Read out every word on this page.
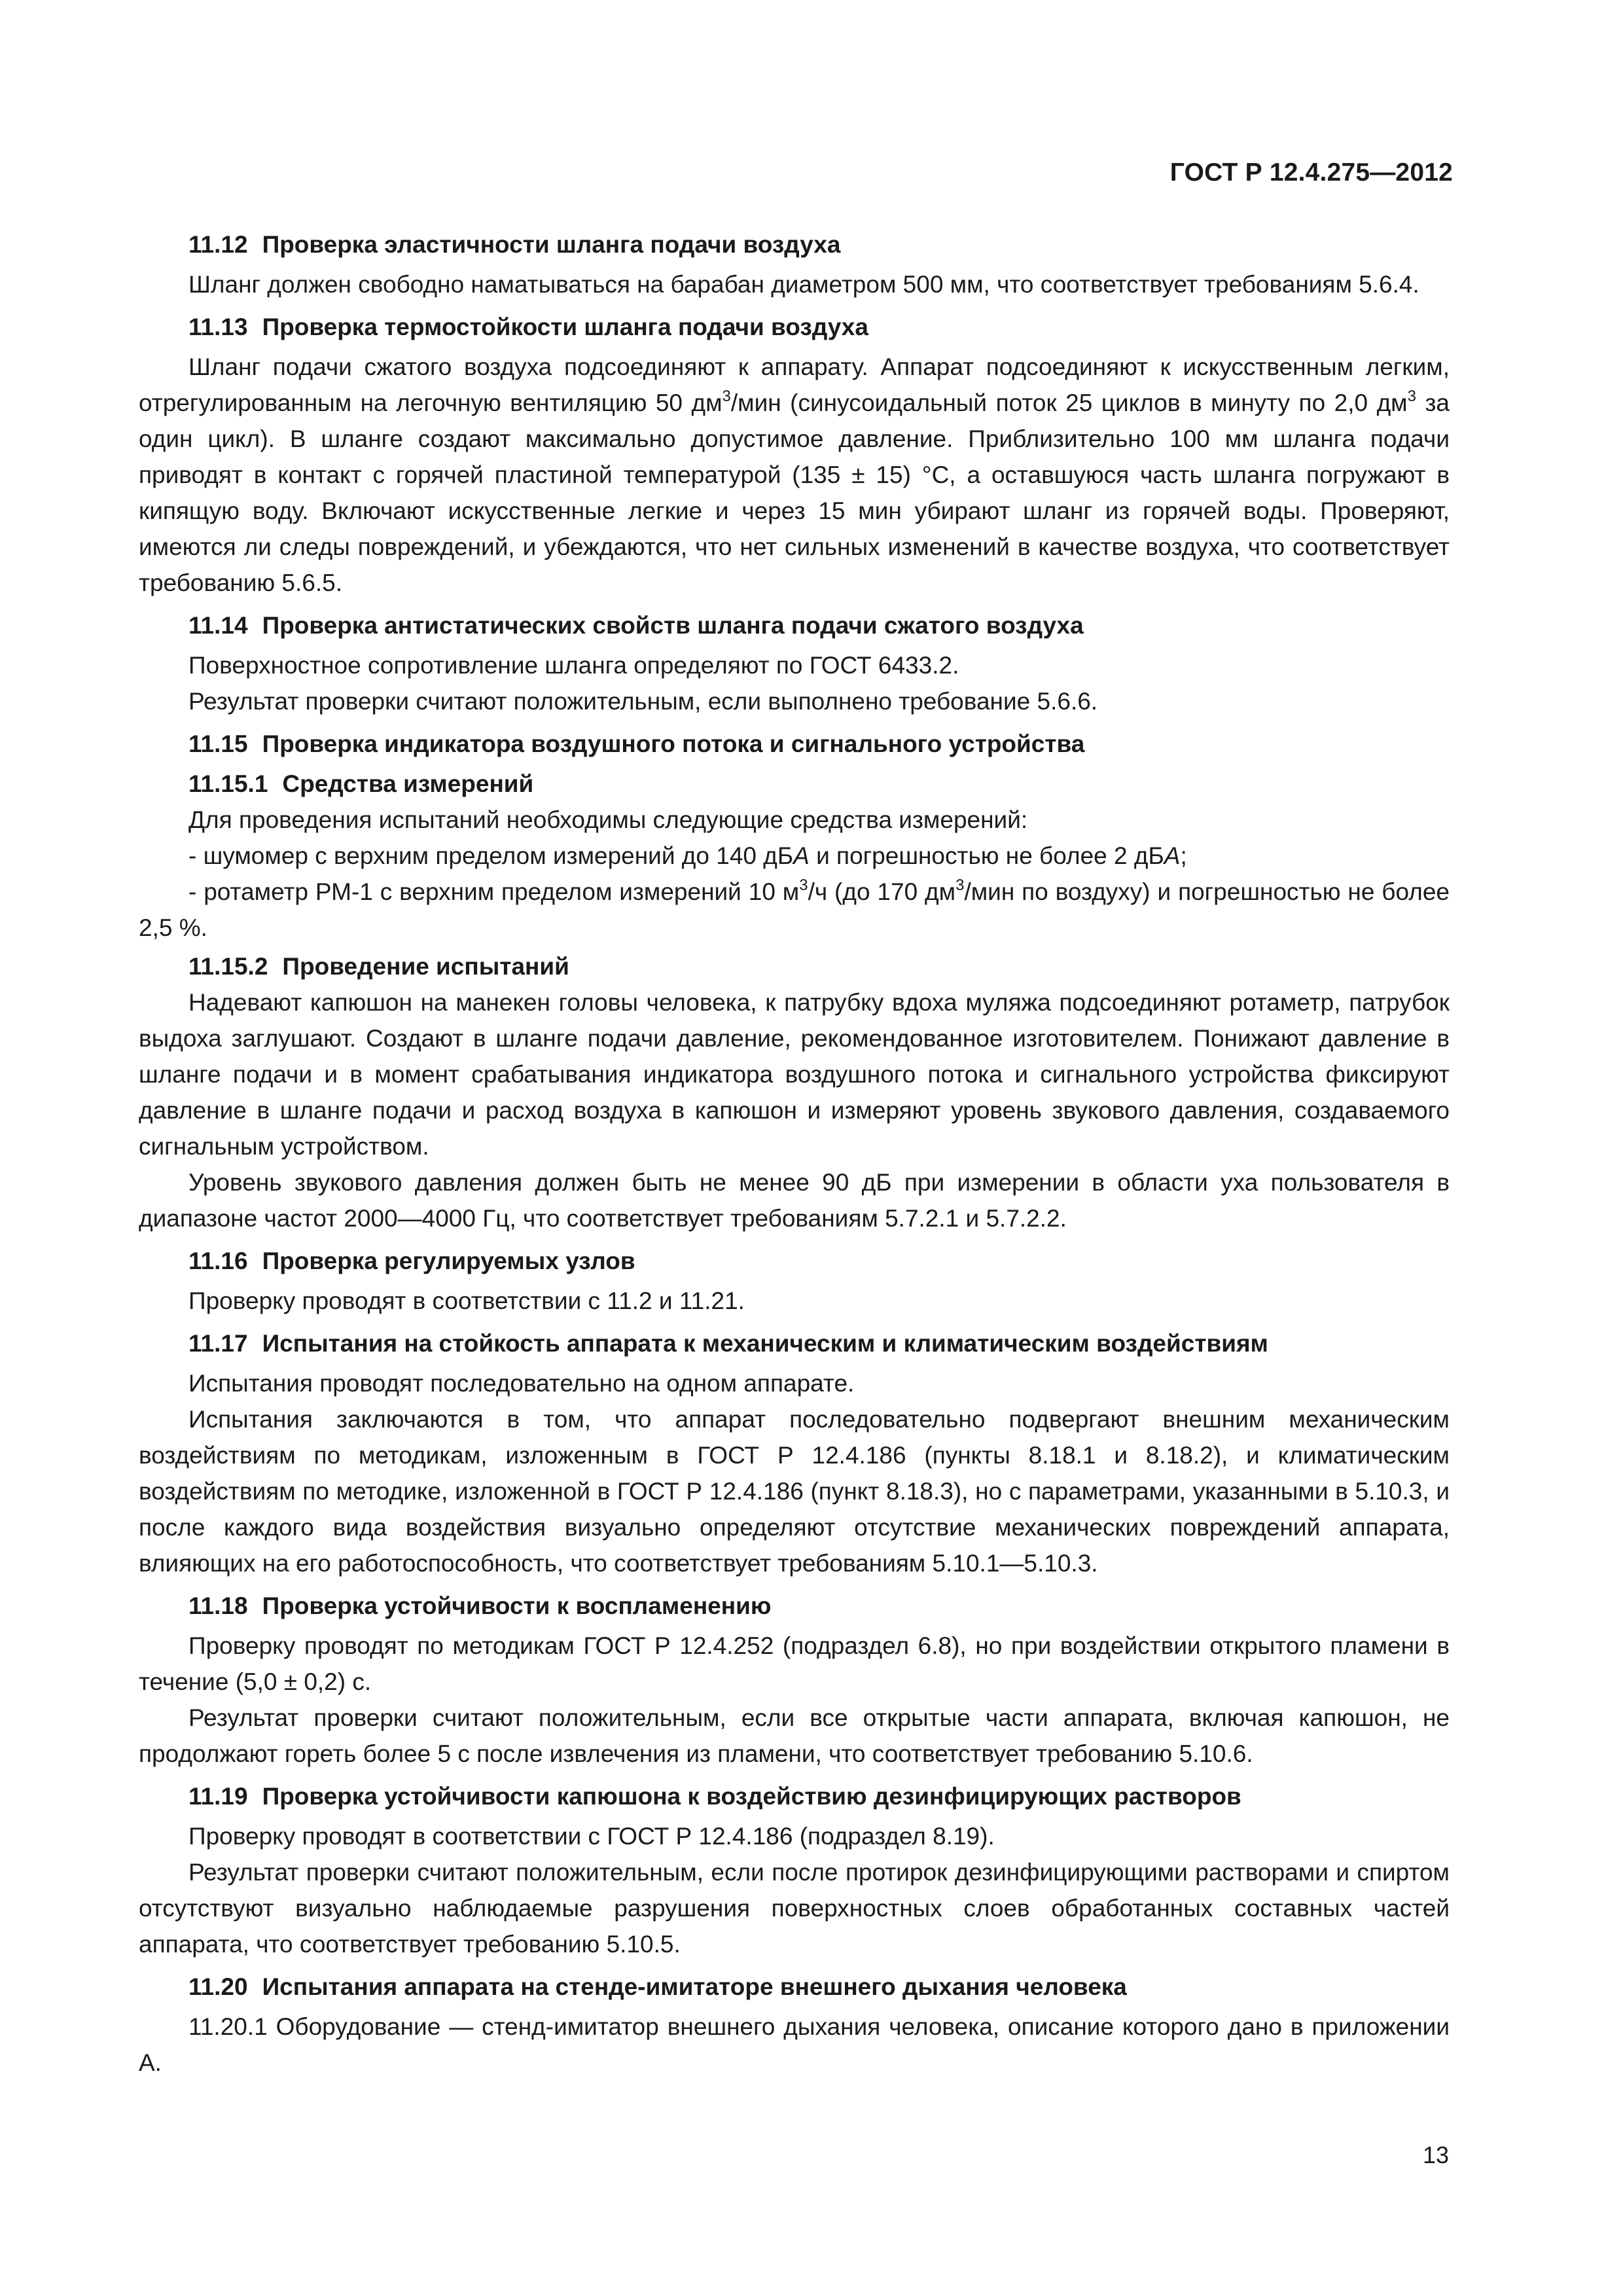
ГОСТ Р 12.4.275—2012

11.12 Проверка эластичности шланга подачи воздуха

Шланг должен свободно наматываться на барабан диаметром 500 мм, что соответствует требованиям 5.6.4.

11.13 Проверка термостойкости шланга подачи воздуха

Шланг подачи сжатого воздуха подсоединяют к аппарату. Аппарат подсоединяют к искусственным легким, отрегулированным на легочную вентиляцию 50 $дм^3$/мин (синусоидальный поток 25 циклов в минуту по 2,0 $дм^3$ за один цикл). В шланге создают максимально допустимое давление. Приблизительно 100 мм шланга подачи приводят в контакт с горячей пластиной температурой (135 ± 15) °С, а оставшуюся часть шланга погружают в кипящую воду. Включают искусственные легкие и через 15 мин убирают шланг из горячей воды. Проверяют, имеются ли следы повреждений, и убеждаются, что нет сильных изменений в качестве воздуха, что соответствует требованию 5.6.5.

11.14 Проверка антистатических свойств шланга подачи сжатого воздуха

Поверхностное сопротивление шланга определяют по ГОСТ 6433.2.

Результат проверки считают положительным, если выполнено требование 5.6.6.

11.15 Проверка индикатора воздушного потока и сигнального устройства

11.15.1 Средства измерений

Для проведения испытаний необходимы следующие средства измерений:

- шумомер с верхним пределом измерений до 140 дБА и погрешностью не более 2 дБА;

- ротаметр РМ-1 с верхним пределом измерений 10 $м^3/ч$ (до 170 $дм^3$/мин по воздуху) и погрешностью не более 2,5 %.

11.15.2 Проведение испытаний

Надевают капюшон на манекен головы человека, к патрубку вдоха муляжа подсоединяют ротаметр, патрубок выдоха заглушают. Создают в шланге подачи давление, рекомендованное изготовителем. Понижают давление в шланге подачи и в момент срабатывания индикатора воздушного потока и сигнального устройства фиксируют давление в шланге подачи и расход воздуха в капюшон и измеряют уровень звукового давления, создаваемого сигнальным устройством.

Уровень звукового давления должен быть не менее 90 дБ при измерении в области уха пользователя в диапазоне частот 2000—4000 Гц, что соответствует требованиям 5.7.2.1 и 5.7.2.2.

11.16 Проверка регулируемых узлов

Проверку проводят в соответствии с 11.2 и 11.21.

11.17 Испытания на стойкость аппарата к механическим и климатическим воздействиям

Испытания проводят последовательно на одном аппарате.

Испытания заключаются в том, что аппарат последовательно подвергают внешним механическим воздействиям по методикам, изложенным в ГОСТ Р 12.4.186 (пункты 8.18.1 и 8.18.2), и климатическим воздействиям по методике, изложенной в ГОСТ Р 12.4.186 (пункт 8.18.3), но с параметрами, указанными в 5.10.3, и после каждого вида воздействия визуально определяют отсутствие механических повреждений аппарата, влияющих на его работоспособность, что соответствует требованиям 5.10.1—5.10.3.

11.18 Проверка устойчивости к воспламенению

Проверку проводят по методикам ГОСТ Р 12.4.252 (подраздел 6.8), но при воздействии открытого пламени в течение (5,0 ± 0,2) с.

Результат проверки считают положительным, если все открытые части аппарата, включая капюшон, не продолжают гореть более 5 с после извлечения из пламени, что соответствует требованию 5.10.6.

11.19 Проверка устойчивости капюшона к воздействию дезинфицирующих растворов

Проверку проводят в соответствии с ГОСТ Р 12.4.186 (подраздел 8.19).

Результат проверки считают положительным, если после протирок дезинфицирующими растворами и спиртом отсутствуют визуально наблюдаемые разрушения поверхностных слоев обработанных составных частей аппарата, что соответствует требованию 5.10.5.

11.20 Испытания аппарата на стенде-имитаторе внешнего дыхания человека

11.20.1 Оборудование — стенд-имитатор внешнего дыхания человека, описание которого дано в приложении А.

13
